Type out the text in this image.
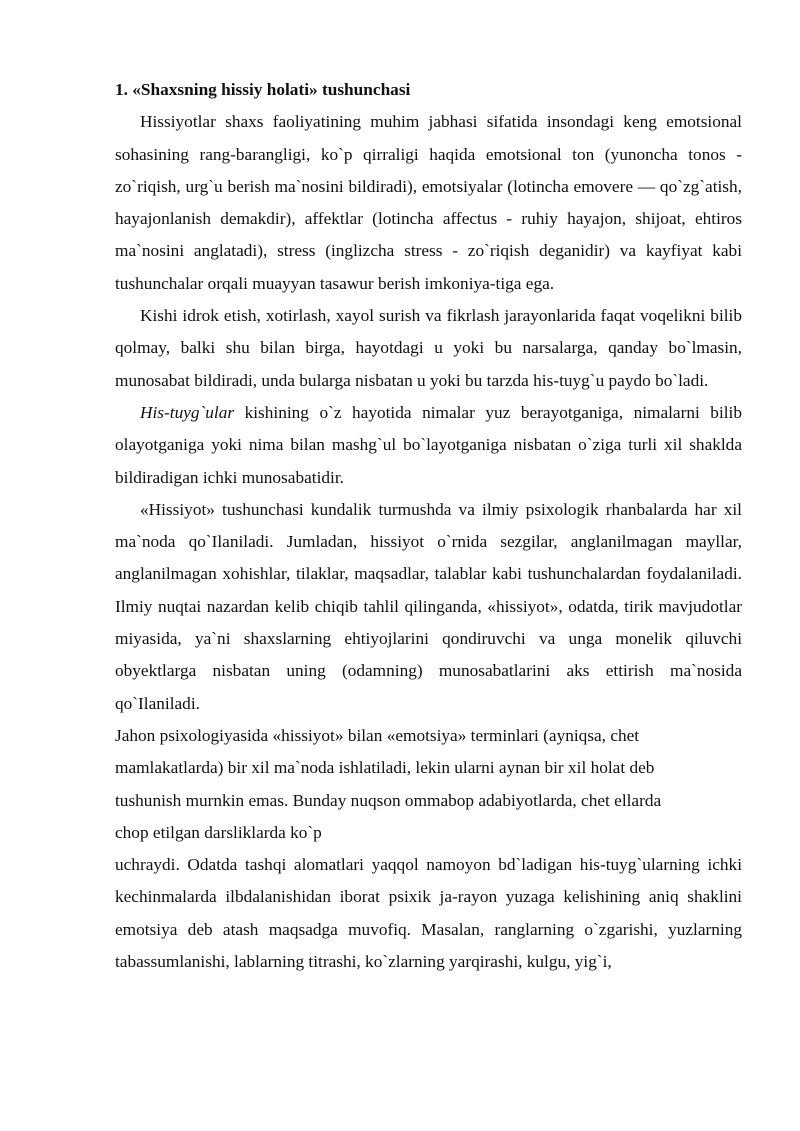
1. «Shaxsning hissiy holati» tushunchasi

Hissiyotlar shaxs faoliyatining muhim jabhasi sifatida insondagi keng emotsional sohasining rang-barangligi, ko`p qirraligi haqida emotsional ton (yunoncha tonos - zo`riqish, urg`u berish ma`nosini bildiradi), emotsiyalar (lotincha emovere — qo`zg`atish, hayajonlanish demakdir), affektlar (lotincha affectus - ruhiy hayajon, shijoat, ehtiros ma`nosini anglatadi), stress (inglizcha stress - zo`riqish deganidir) va kayfiyat kabi tushunchalar orqali muayyan tasawur berish imkoniya-tiga ega.

Kishi idrok etish, xotirlash, xayol surish va fikrlash jarayonlarida faqat voqelikni bilib qolmay, balki shu bilan birga, hayotdagi u yoki bu narsalarga, qanday bo`lmasin, munosabat bildiradi, unda bularga nisbatan u yoki bu tarzda his-tuyg`u paydo bo`ladi.

His-tuyg`ular kishining o`z hayotida nimalar yuz berayotganiga, nimalarni bilib olayotganiga yoki nima bilan mashg`ul bo`layotganiga nisbatan o`ziga turli xil shaklda bildiradigan ichki munosabatidir.

«Hissiyot» tushunchasi kundalik turmushda va ilmiy psixologik rhanbalarda har xil ma`noda qo`Ilaniladi. Jumladan, hissiyot o`rnida sezgilar, anglanilmagan mayllar, anglanilmagan xohishlar, tilaklar, maqsadlar, talablar kabi tushunchalardan foydalaniladi. Ilmiy nuqtai nazardan kelib chiqib tahlil qilinganda, «hissiyot», odatda, tirik mavjudotlar miyasida, ya`ni shaxslarning ehtiyojlarini qondiruvchi va unga monelik qiluvchi obyektlarga nisbatan uning (odamning) munosabatlarini aks ettirish ma`nosida qo`Ilaniladi.

Jahon psixologiyasida «hissiyot» bilan «emotsiya» terminlari (ayniqsa, chet
mamlakatlarda) bir xil ma`noda ishlatiladi, lekin ularni aynan bir xil holat deb
tushunish murnkin emas. Bunday nuqson ommabop adabiyotlarda, chet ellarda
chop etilgan darsliklarda ko`p

uchraydi. Odatda tashqi alomatlari yaqqol namoyon bd`ladigan his-tuyg`ularning ichki kechinmalarda ilbdalanishidan iborat psixik ja-rayon yuzaga kelishining aniq shaklini emotsiya deb atash maqsadga muvofiq. Masalan, ranglarning o`zgarishi, yuzlarning tabassumlanishi, lablarning titrashi, ko`zlarning yarqirashi, kulgu, yig`i,
